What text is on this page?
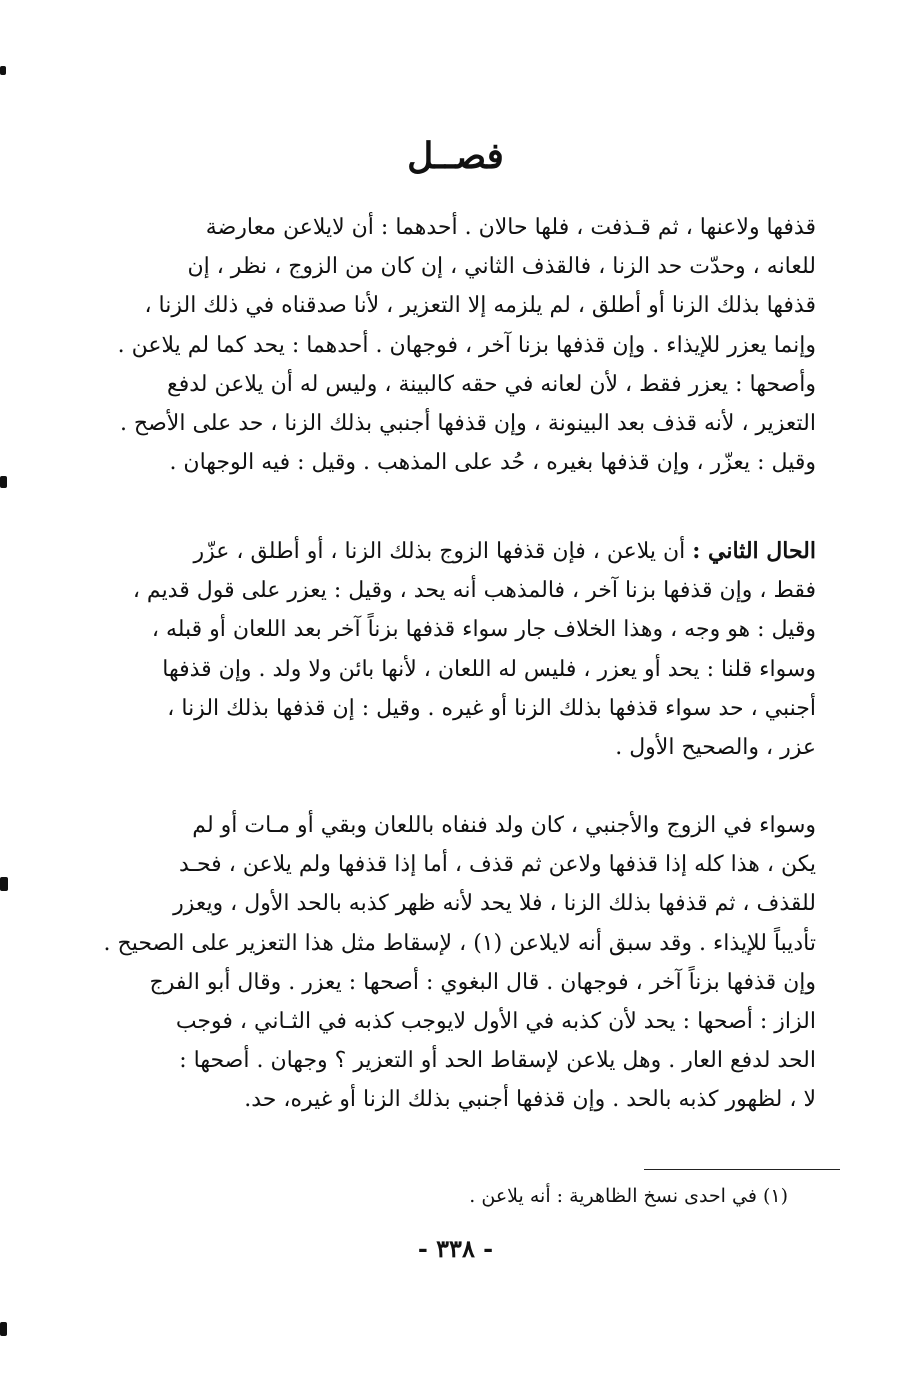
فصــل
قذفها ولاعنها ، ثم قـذفت ، فلها حالان . أحدهما : أن لايلاعن معارضة
للعانه ، وحدّت حد الزنا ، فالقذف الثاني ، إن كان من الزوج ، نظر ، إن
قذفها بذلك الزنا أو أطلق ، لم يلزمه إلا التعزير ، لأنا صدقناه في ذلك الزنا ،
وإنما يعزر للإيذاء . وإن قذفها بزنا آخر ، فوجهان . أحدهما : يحد كما لم يلاعن .
وأصحها : يعزر فقط ، لأن لعانه في حقه كالبينة ، وليس له أن يلاعن لدفع
التعزير ، لأنه قذف بعد البينونة ، وإن قذفها أجنبي بذلك الزنا ، حد على الأصح .
وقيل : يعزّر ، وإن قذفها بغيره ، حُد على المذهب . وقيل : فيه الوجهان .
الحال الثاني : أن يلاعن ، فإن قذفها الزوج بذلك الزنا ، أو أطلق ، عزّر
فقط ، وإن قذفها بزنا آخر ، فالمذهب أنه يحد ، وقيل : يعزر على قول قديم ،
وقيل : هو وجه ، وهذا الخلاف جار سواء قذفها بزناً آخر بعد اللعان أو قبله ،
وسواء قلنا : يحد أو يعزر ، فليس له اللعان ، لأنها بائن ولا ولد . وإن قذفها
أجنبي ، حد سواء قذفها بذلك الزنا أو غيره . وقيل : إن قذفها بذلك الزنا ،
عزر ، والصحيح الأول .
وسواء في الزوج والأجنبي ، كان ولد فنفاه باللعان وبقي أو مـات أو لم
يكن ، هذا كله إذا قذفها ولاعن ثم قذف ، أما إذا قذفها ولم يلاعن ، فحـد
للقذف ، ثم قذفها بذلك الزنا ، فلا يحد لأنه ظهر كذبه بالحد الأول ، ويعزر
تأديباً للإيذاء . وقد سبق أنه لايلاعن (١) ، لإسقاط مثل هذا التعزير على الصحيح .
وإن قذفها بزناً آخر ، فوجهان . قال البغوي : أصحها : يعزر . وقال أبو الفرج
الزاز : أصحها : يحد لأن كذبه في الأول لايوجب كذبه في الثـاني ، فوجب
الحد لدفع العار . وهل يلاعن لإسقاط الحد أو التعزير ؟ وجهان . أصحها :
لا ، لظهور كذبه بالحد . وإن قذفها أجنبي بذلك الزنا أو غيره، حد.
(١) في احدى نسخ الظاهرية : أنه يلاعن .
- ٣٣٨ -
